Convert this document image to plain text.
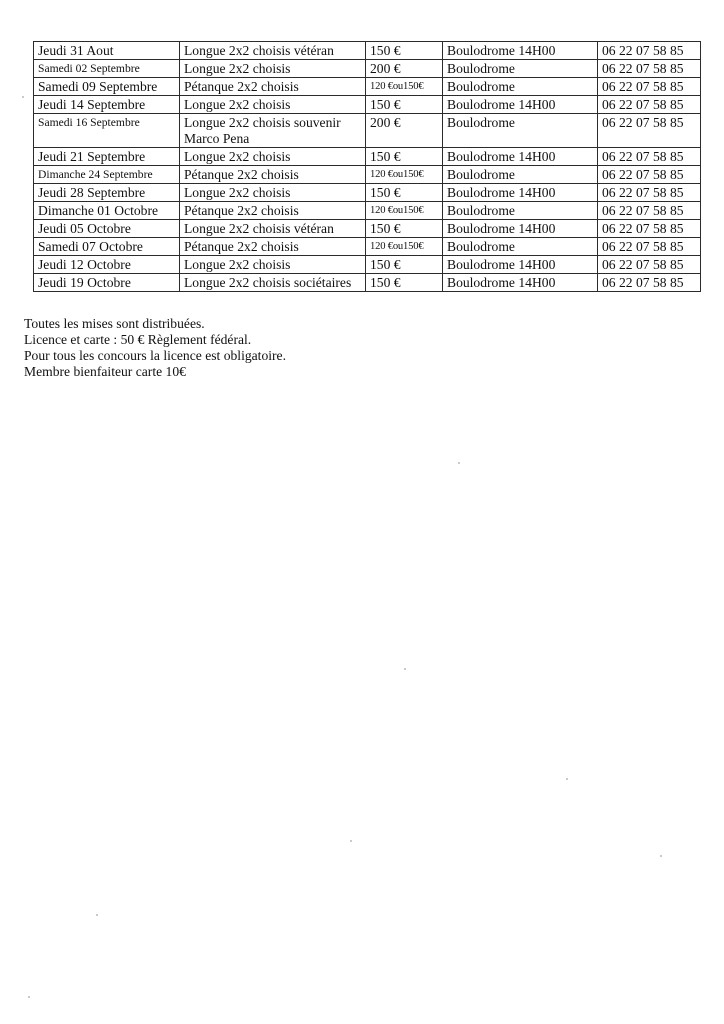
Jeudi 31 Aout	Longue 2x2 choisis vétéran	150 €	Boulodrome 14H00	06 22 07 58 85
Samedi 02 Septembre	Longue 2x2 choisis	200 €	Boulodrome	06 22 07 58 85
Samedi 09 Septembre	Pétanque 2x2 choisis	120 €ou150€	Boulodrome	06 22 07 58 85
Jeudi 14 Septembre	Longue 2x2 choisis	150 €	Boulodrome 14H00	06 22 07 58 85
Samedi 16 Septembre	Longue 2x2 choisis souvenir Marco Pena	200 €	Boulodrome	06 22 07 58 85
Jeudi 21 Septembre	Longue 2x2 choisis	150 €	Boulodrome 14H00	06 22 07 58 85
Dimanche 24 Septembre	Pétanque 2x2 choisis	120 €ou150€	Boulodrome	06 22 07 58 85
Jeudi 28 Septembre	Longue 2x2 choisis	150 €	Boulodrome 14H00	06 22 07 58 85
Dimanche 01 Octobre	Pétanque 2x2 choisis	120 €ou150€	Boulodrome	06 22 07 58 85
Jeudi 05 Octobre	Longue 2x2 choisis vétéran	150 €	Boulodrome 14H00	06 22 07 58 85
Samedi 07 Octobre	Pétanque 2x2 choisis	120 €ou150€	Boulodrome	06 22 07 58 85
Jeudi 12 Octobre	Longue 2x2 choisis	150 €	Boulodrome 14H00	06 22 07 58 85
Jeudi 19 Octobre	Longue 2x2 choisis sociétaires	150 €	Boulodrome 14H00	06 22 07 58 85

Toutes les mises sont distribuées.

Licence et carte : 50 € Règlement fédéral.

Pour tous les concours la licence est obligatoire.

Membre bienfaiteur carte 10€
